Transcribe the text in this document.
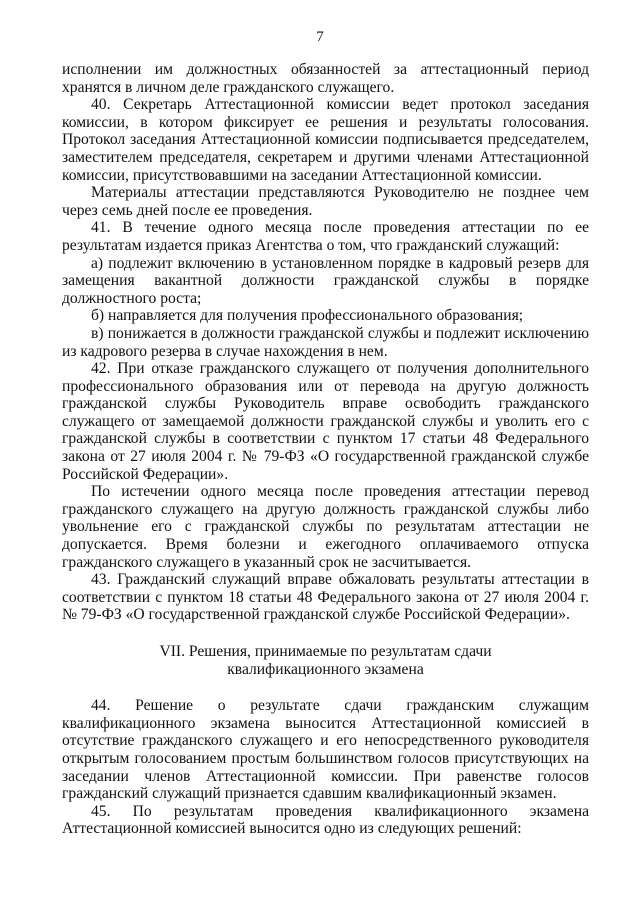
7

исполнении им должностных обязанностей за аттестационный период хранятся в личном деле гражданского служащего.

40. Секретарь Аттестационной комиссии ведет протокол заседания комиссии, в котором фиксирует ее решения и результаты голосования. Протокол заседания Аттестационной комиссии подписывается председателем, заместителем председателя, секретарем и другими членами Аттестационной комиссии, присутствовавшими на заседании Аттестационной комиссии.

Материалы аттестации представляются Руководителю не позднее чем через семь дней после ее проведения.

41. В течение одного месяца после проведения аттестации по ее результатам издается приказ Агентства о том, что гражданский служащий:

а) подлежит включению в установленном порядке в кадровый резерв для замещения вакантной должности гражданской службы в порядке должностного роста;

б) направляется для получения профессионального образования;

в) понижается в должности гражданской службы и подлежит исключению из кадрового резерва в случае нахождения в нем.

42. При отказе гражданского служащего от получения дополнительного профессионального образования или от перевода на другую должность гражданской службы Руководитель вправе освободить гражданского служащего от замещаемой должности гражданской службы и уволить его с гражданской службы в соответствии с пунктом 17 статьи 48 Федерального закона от 27 июля 2004 г. № 79-ФЗ «О государственной гражданской службе Российской Федерации».

По истечении одного месяца после проведения аттестации перевод гражданского служащего на другую должность гражданской службы либо увольнение его с гражданской службы по результатам аттестации не допускается. Время болезни и ежегодного оплачиваемого отпуска гражданского служащего в указанный срок не засчитывается.

43. Гражданский служащий вправе обжаловать результаты аттестации в соответствии с пунктом 18 статьи 48 Федерального закона от 27 июля 2004 г. № 79-ФЗ «О государственной гражданской службе Российской Федерации».

VII. Решения, принимаемые по результатам сдачи
квалификационного экзамена

44. Решение о результате сдачи гражданским служащим квалификационного экзамена выносится Аттестационной комиссией в отсутствие гражданского служащего и его непосредственного руководителя открытым голосованием простым большинством голосов присутствующих на заседании членов Аттестационной комиссии. При равенстве голосов гражданский служащий признается сдавшим квалификационный экзамен.

45. По результатам проведения квалификационного экзамена Аттестационной комиссией выносится одно из следующих решений:
